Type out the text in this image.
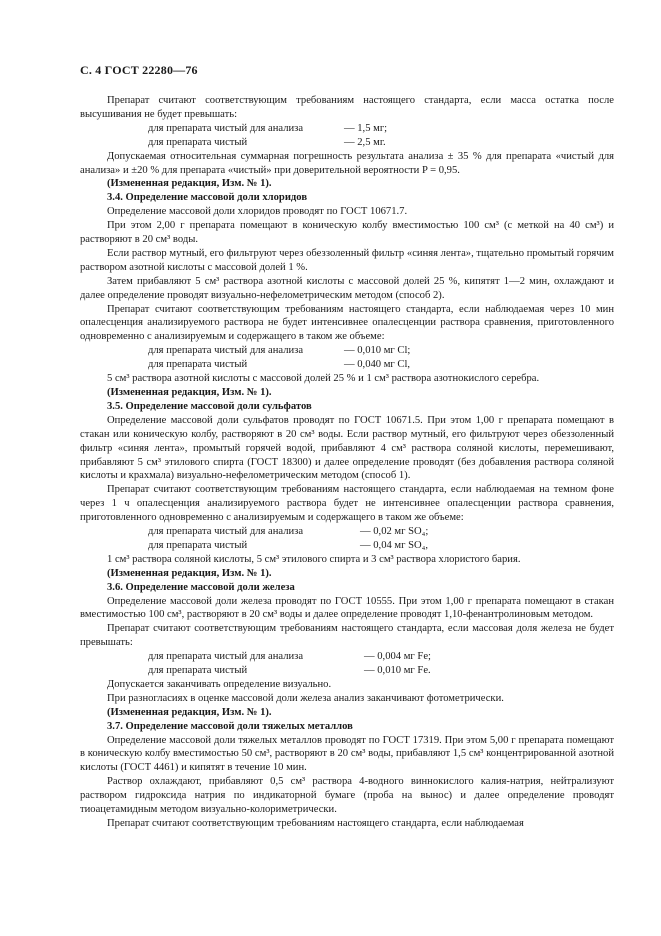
С. 4 ГОСТ 22280—76

Препарат считают соответствующим требованиям настоящего стандарта, если масса остатка после высушивания не будет превышать:

для препарата чистый для анализа	— 1,5 мг;
для препарата чистый	— 2,5 мг.

Допускаемая относительная суммарная погрешность результата анализа ± 35 % для препарата «чистый для анализа» и ±20 % для препарата «чистый» при доверительной вероятности P = 0,95.

(Измененная редакция, Изм. № 1).

3.4. Определение массовой доли хлоридов

Определение массовой доли хлоридов проводят по ГОСТ 10671.7.

При этом 2,00 г препарата помещают в коническую колбу вместимостью 100 см³ (с меткой на 40 см³) и растворяют в 20 см³ воды.

Если раствор мутный, его фильтруют через обеззоленный фильтр «синяя лента», тщательно промытый горячим раствором азотной кислоты с массовой долей 1 %.

Затем прибавляют 5 см³ раствора азотной кислоты с массовой долей 25 %, кипятят 1—2 мин, охлаждают и далее определение проводят визуально-нефелометрическим методом (способ 2).

Препарат считают соответствующим требованиям настоящего стандарта, если наблюдаемая через 10 мин опалесценция анализируемого раствора не будет интенсивнее опалесценции раствора сравнения, приготовленного одновременно с анализируемым и содержащего в таком же объеме:

для препарата чистый для анализа	— 0,010 мг Cl;
для препарата чистый	— 0,040 мг Cl,

5 см³ раствора азотной кислоты с массовой долей 25 % и 1 см³ раствора азотнокислого серебра.

(Измененная редакция, Изм. № 1).

3.5. Определение массовой доли сульфатов

Определение массовой доли сульфатов проводят по ГОСТ 10671.5. При этом 1,00 г препарата помещают в стакан или коническую колбу, растворяют в 20 см³ воды. Если раствор мутный, его фильтруют через обеззоленный фильтр «синяя лента», промытый горячей водой, прибавляют 4 см³ раствора соляной кислоты, перемешивают, прибавляют 5 см³ этилового спирта (ГОСТ 18300) и далее определение проводят (без добавления раствора соляной кислоты и крахмала) визуально-нефелометрическим методом (способ 1).

Препарат считают соответствующим требованиям настоящего стандарта, если наблюдаемая на темном фоне через 1 ч опалесценция анализируемого раствора будет не интенсивнее опалесценции раствора сравнения, приготовленного одновременно с анализируемым и содержащего в таком же объеме:

для препарата чистый для анализа	— 0,02 мг SO₄;
для препарата чистый	— 0,04 мг SO₄,

1 см³ раствора соляной кислоты, 5 см³ этилового спирта и 3 см³ раствора хлористого бария.

(Измененная редакция, Изм. № 1).

3.6. Определение массовой доли железа

Определение массовой доли железа проводят по ГОСТ 10555. При этом 1,00 г препарата помещают в стакан вместимостью 100 см³, растворяют в 20 см³ воды и далее определение проводят 1,10-фенантролиновым методом.

Препарат считают соответствующим требованиям настоящего стандарта, если массовая доля железа не будет превышать:

для препарата чистый для анализа	— 0,004 мг Fe;
для препарата чистый	— 0,010 мг Fe.

Допускается заканчивать определение визуально.

При разногласиях в оценке массовой доли железа анализ заканчивают фотометрически.

(Измененная редакция, Изм. № 1).

3.7. Определение массовой доли тяжелых металлов

Определение массовой доли тяжелых металлов проводят по ГОСТ 17319. При этом 5,00 г препарата помещают в коническую колбу вместимостью 50 см³, растворяют в 20 см³ воды, прибавляют 1,5 см³ концентрированной азотной кислоты (ГОСТ 4461) и кипятят в течение 10 мин.

Раствор охлаждают, прибавляют 0,5 см³ раствора 4-водного виннокислого калия-натрия, нейтрализуют раствором гидроксида натрия по индикаторной бумаге (проба на вынос) и далее определение проводят тиоацетамидным методом визуально-колориметрически.

Препарат считают соответствующим требованиям настоящего стандарта, если наблюдаемая
